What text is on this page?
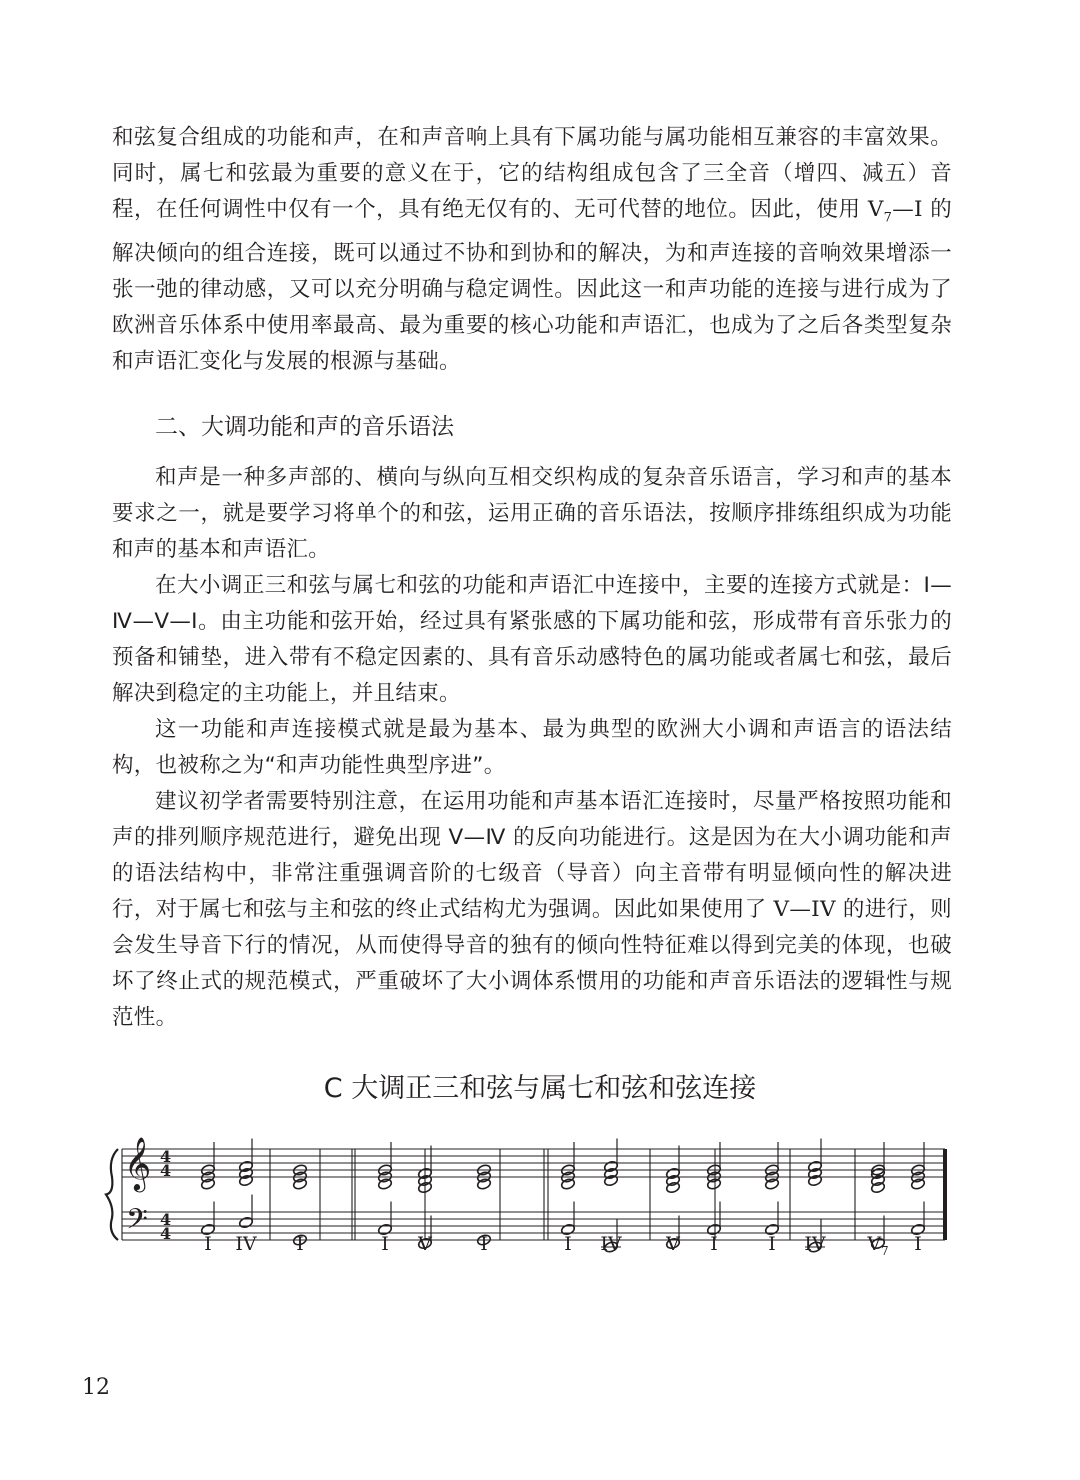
和弦复合组成的功能和声，在和声音响上具有下属功能与属功能相互兼容的丰富效果。同时，属七和弦最为重要的意义在于，它的结构组成包含了三全音（增四、减五）音程，在任何调性中仅有一个，具有绝无仅有的、无可代替的地位。因此，使用 $V_7—I$ 的解决倾向的组合连接，既可以通过不协和到协和的解决，为和声连接的音响效果增添一张一弛的律动感，又可以充分明确与稳定调性。因此这一和声功能的连接与进行成为了欧洲音乐体系中使用率最高、最为重要的核心功能和声语汇，也成为了之后各类型复杂和声语汇变化与发展的根源与基础。
二、大调功能和声的音乐语法
和声是一种多声部的、横向与纵向互相交织构成的复杂音乐语言，学习和声的基本要求之一，就是要学习将单个的和弦，运用正确的音乐语法，按顺序排练组织成为功能和声的基本和声语汇。
在大小调正三和弦与属七和弦的功能和声语汇中连接中，主要的连接方式就是：I—Ⅳ—V—I。由主功能和弦开始，经过具有紧张感的下属功能和弦，形成带有音乐张力的预备和铺垫，进入带有不稳定因素的、具有音乐动感特色的属功能或者属七和弦，最后解决到稳定的主功能上，并且结束。
这一功能和声连接模式就是最为基本、最为典型的欧洲大小调和声语言的语法结构，也被称之为“和声功能性典型序进”。
建议初学者需要特别注意，在运用功能和声基本语汇连接时，尽量严格按照功能和声的排列顺序规范进行，避免出现 V—Ⅳ 的反向功能进行。这是因为在大小调功能和声的语法结构中，非常注重强调音阶的七级音（导音）向主音带有明显倾向性的解决进行，对于属七和弦与主和弦的终止式结构尤为强调。因此如果使用了 V—IV 的进行，则会发生导音下行的情况，从而使得导音的独有的倾向性特征难以得到完美的体现，也破坏了终止式的规范模式，严重破坏了大小调体系惯用的功能和声音乐语法的逻辑性与规范性。
C 大调正三和弦与属七和弦和弦连接
𝄞
𝄢
4
4
4
4	I	IV	I	I	V	I	I	IV	V	I	I	IV	$V_7$	I
12
